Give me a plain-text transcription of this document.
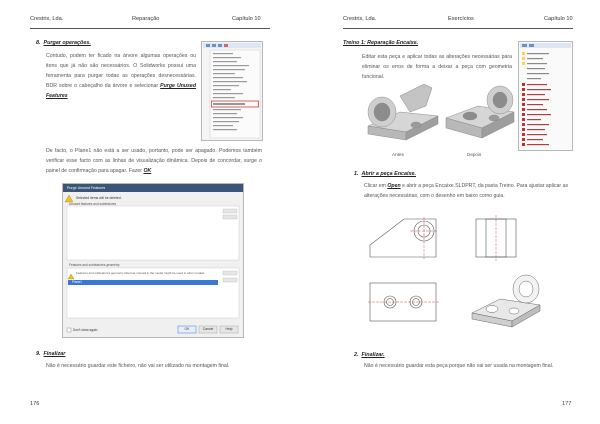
Crestrix, Lda.	Reparação	Capítulo 10
8. Purgar operações.
Contudo, podem ter ficado na árvore algumas operações ou itens que já não são necessários. O Solidworks possui uma ferramenta para purgar todas as operações desnecessárias. BDR sobre o cabeçalho da árvore e selecionar Purge Unused Features
De facto, o Plane1 não está a ser usado, portanto, pode ser apagado. Podemos também verificar esse facto com as linhas de visualização dinâmica. Depois de concordar, surge o painel de confirmação para apagar. Fazer OK
Purge Unused Features
Selected items will be deleted.
Unused features and subfeatures
Features and subfeatures geometry
Features and subfeatures geometry listed as unused in the model might be used in other models.
Plane1
Don't show again	OK	Cancel	Help
9. Finalizar
Não é necessário guardar este ficheiro, não vai ser utilizado na montagem final.
176
Crestrix, Lda.	Exercícios	Capítulo 10
Treino 1: Reparação Encaixe.
Editar esta peça e aplicar todas as alterações necessárias para eliminar os erros de forma a deixar a peça com geometria funcional.
Antes	Depois
1. Abrir a peça Encaixe.
Clicar em Open e abrir a peça Encaixe.SLDPRT, da pasta Treino. Para ajustar aplicar as alterações necessárias, com o desenho em baixo como guia.
2. Finalizar.
Não é necessário guardar esta peça porque não vai ser usada na montagem final.
177
